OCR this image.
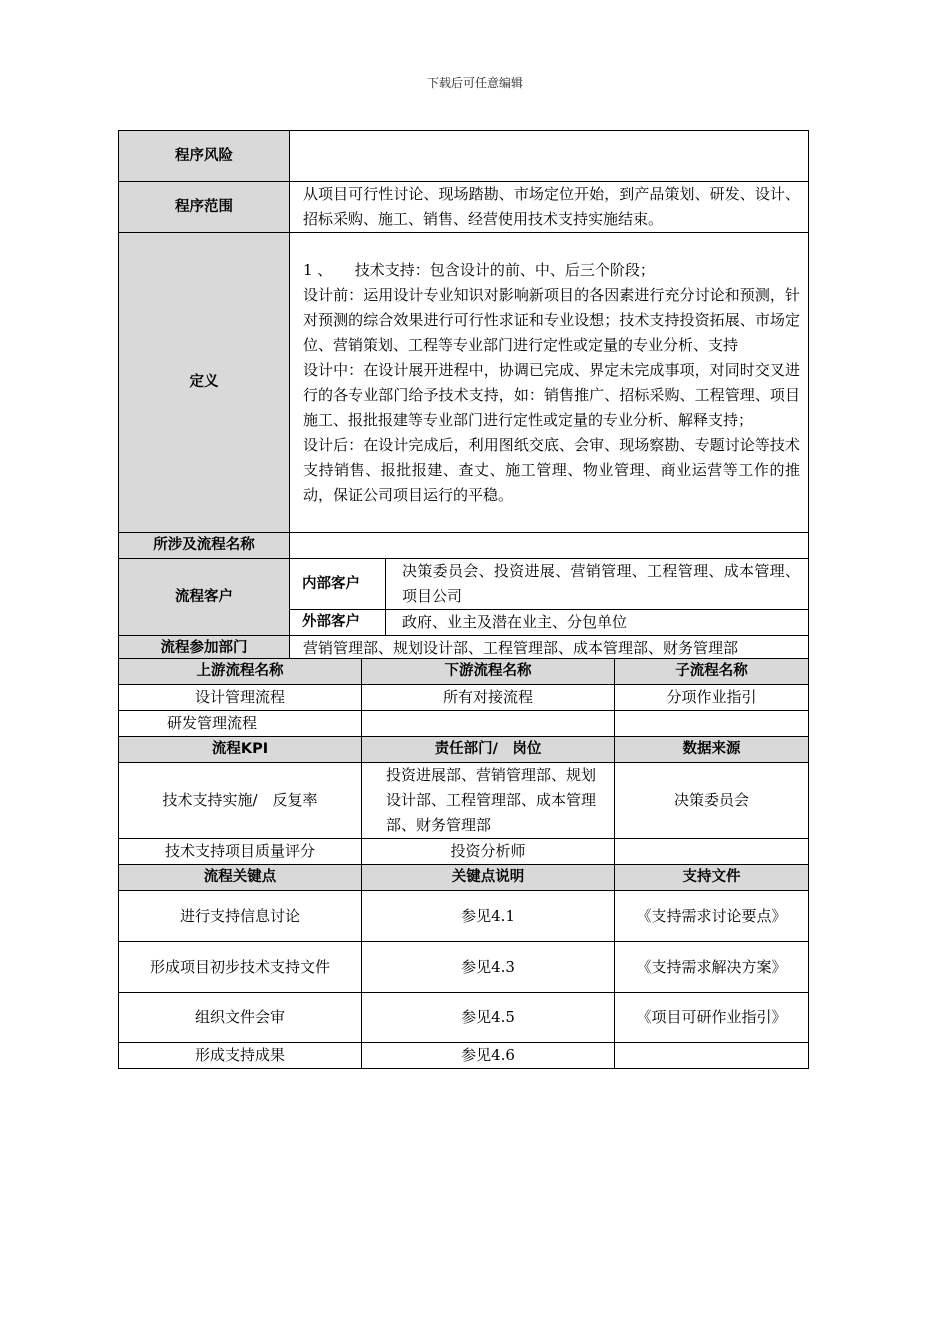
下载后可任意编辑
程序风险		
程序范围	从项目可行性讨论、现场踏勘、市场定位开始，到产品策划、研发、设计、招标采购、施工、销售、经营使用技术支持实施结束。	
定义	1 、　　技术支持：包含设计的前、中、后三个阶段；

设计前：运用设计专业知识对影响新项目的各因素进行充分讨论和预测，针对预测的综合效果进行可行性求证和专业设想；技术支持投资拓展、市场定位、营销策划、工程等专业部门进行定性或定量的专业分析、支持

设计中：在设计展开进程中，协调已完成、界定未完成事项，对同时交叉进行的各专业部门给予技术支持，如：销售推广、招标采购、工程管理、项目施工、报批报建等专业部门进行定性或定量的专业分析、解释支持；

设计后：在设计完成后，利用图纸交底、会审、现场察勘、专题讨论等技术支持销售、报批报建、查丈、施工管理、物业管理、商业运营等工作的推动，保证公司项目运行的平稳。	

所涉及流程名称		
流程客户	内部客户	决策委员会、投资进展、营销管理、工程管理、成本管理、项目公司
	外部客户	政府、业主及潜在业主、分包单位
流程参加部门	营销管理部、规划设计部、工程管理部、成本管理部、财务管理部	
上游流程名称	下游流程名称	子流程名称
设计管理流程	所有对接流程	分项作业指引
研发管理流程		
流程KPI	责任部门/　岗位	数据来源
技术支持实施/　反复率	投资进展部、营销管理部、规划设计部、工程管理部、成本管理部、财务管理部	决策委员会
技术支持项目质量评分	投资分析师	
流程关键点	关键点说明	支持文件
进行支持信息讨论	参见4.1	《支持需求讨论要点》
形成项目初步技术支持文件	参见4.3	《支持需求解决方案》
组织文件会审	参见4.5	《项目可研作业指引》
形成支持成果	参见4.6	
